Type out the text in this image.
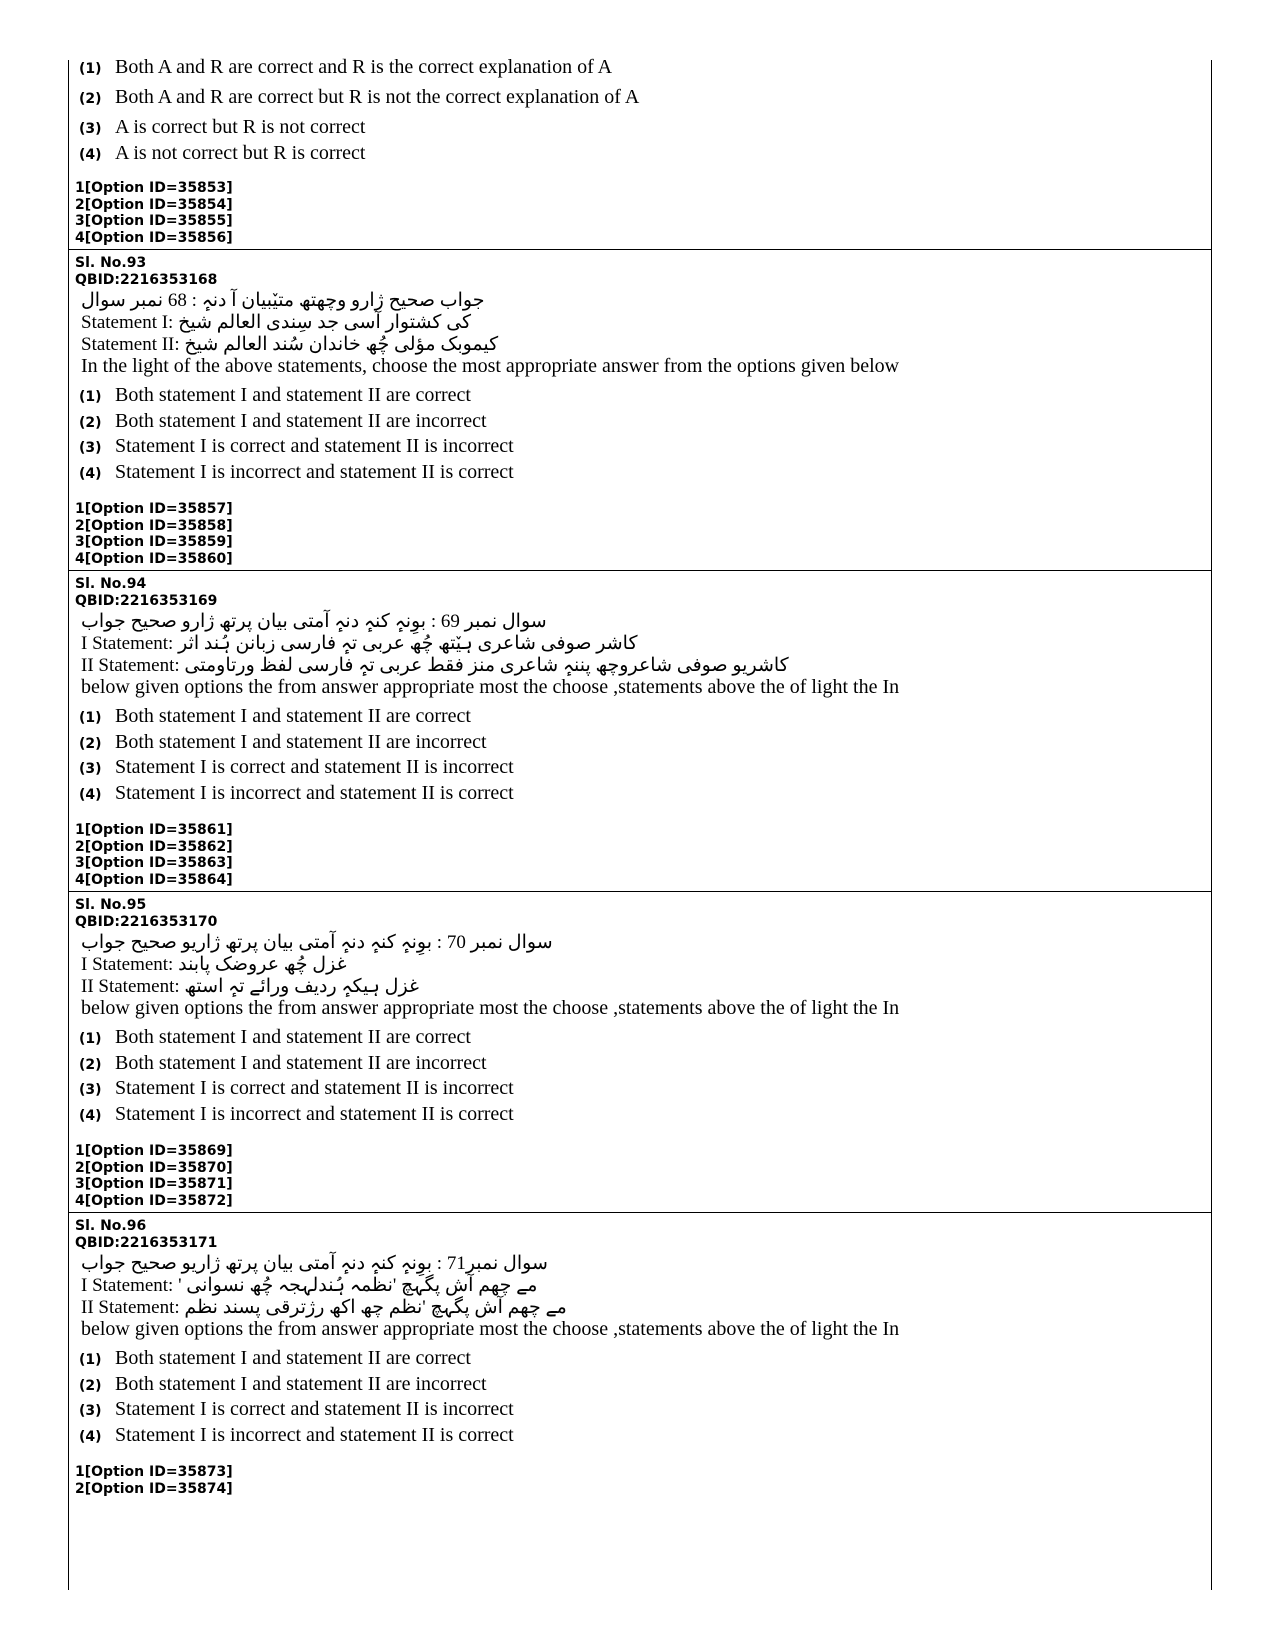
(1) Both A and R are correct and R is the correct explanation of A
(2) Both A and R are correct but R is not the correct explanation of A
(3) A is correct but R is not correct
(4) A is not correct but R is correct
1[Option ID=35853]
2[Option ID=35854]
3[Option ID=35855]
4[Option ID=35856]
Sl. No.93
QBID:2216353168
جواب صحیح ژارو وچھتھ متیٚبیان آ دنہٕ : 68 نمبر سوال
Statement I: کی کشتوار آسی جد سِندی العالم شیخ
Statement II: کیموبک مؤلی چُھ خاندان سُند العالم شیخ
In the light of the above statements, choose the most appropriate answer from the options given below
(1) Both statement I and statement II are correct
(2) Both statement I and statement II are incorrect
(3) Statement I is correct and statement II is incorrect
(4) Statement I is incorrect and statement II is correct
1[Option ID=35857]
2[Option ID=35858]
3[Option ID=35859]
4[Option ID=35860]
Sl. No.94
QBID:2216353169
سوال نمبر 69 : بوِنہٕ کنہٕ دنہٕ آمتی بیان پرتھ ژارو صحیح جواب
I Statement: کاشر صوفی شاعری ہیٚتھ چُھ عربی تہٕ فارسی زبانن ہُند اثر
II Statement: کاشریو صوفی شاعروچھ پننہٕ شاعری منز فقط عربی تہٕ فارسی لفظ ورتاومتی
below given options the from answer appropriate most the choose ,statements above the of light the In
(1) Both statement I and statement II are correct
(2) Both statement I and statement II are incorrect
(3) Statement I is correct and statement II is incorrect
(4) Statement I is incorrect and statement II is correct
1[Option ID=35861]
2[Option ID=35862]
3[Option ID=35863]
4[Option ID=35864]
Sl. No.95
QBID:2216353170
سوال نمبر 70 : بوِنہٕ کنہٕ دنہٕ آمتی بیان پرتھ ژاریو صحیح جواب
I Statement: غزل چُھ عروضک پابند
II Statement: غزل ہیکہٕ ردیف ورائے تہٕ استھ
below given options the from answer appropriate most the choose ,statements above the of light the In
(1) Both statement I and statement II are correct
(2) Both statement I and statement II are incorrect
(3) Statement I is correct and statement II is incorrect
(4) Statement I is incorrect and statement II is correct
1[Option ID=35869]
2[Option ID=35870]
3[Option ID=35871]
4[Option ID=35872]
Sl. No.96
QBID:2216353171
سوال نمبر71 : بوِنہٕ کنہٕ دنہٕ آمتی بیان پرتھ ژاریو صحیح جواب
I Statement: ' مے چھم آش پگہچ 'نظمہ ہُندلہجہ چُھ نسوانی
II Statement: مے چھم آش پگہچ 'نظم چھ اکھ رژترقی پسند نظم
below given options the from answer appropriate most the choose ,statements above the of light the In
(1) Both statement I and statement II are correct
(2) Both statement I and statement II are incorrect
(3) Statement I is correct and statement II is incorrect
(4) Statement I is incorrect and statement II is correct
1[Option ID=35873]
2[Option ID=35874]
